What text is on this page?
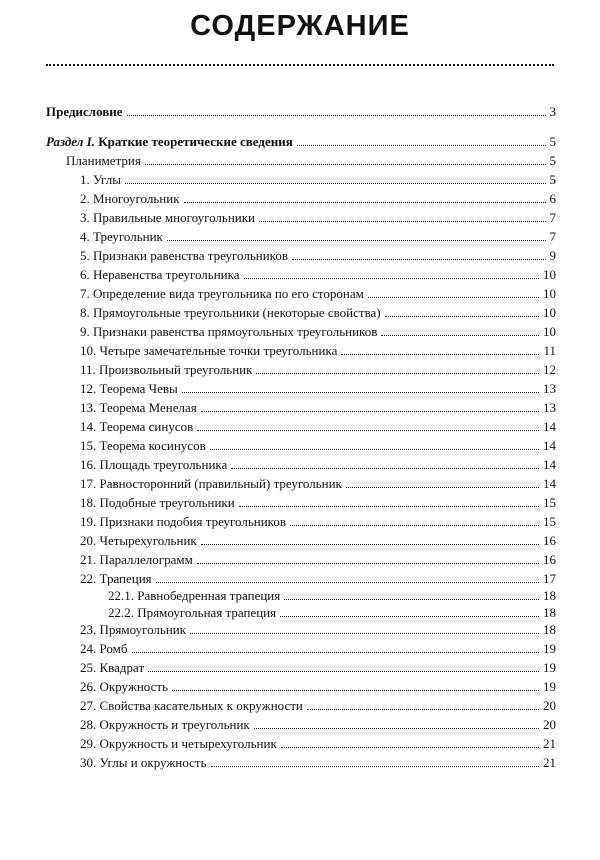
СОДЕРЖАНИЕ
Предисловие	3
Раздел I. Краткие теоретические сведения	5
Планиметрия	5
1. Углы	5
2. Многоугольник	6
3. Правильные многоугольники	7
4. Треугольник	7
5. Признаки равенства треугольников	9
6. Неравенства треугольника	10
7. Определение вида треугольника по его сторонам	10
8. Прямоугольные треугольники (некоторые свойства)	10
9. Признаки равенства прямоугольных треугольников	10
10. Четыре замечательные точки треугольника	11
11. Произвольный треугольник	12
12. Теорема Чевы	13
13. Теорема Менелая	13
14. Теорема синусов	14
15. Теорема косинусов	14
16. Площадь треугольника	14
17. Равносторонний (правильный) треугольник	14
18. Подобные треугольники	15
19. Признаки подобия треугольников	15
20. Четырехугольник	16
21. Параллелограмм	16
22. Трапеция	17
22.1. Равнобедренная трапеция	18
22.2. Прямоугольная трапеция	18
23. Прямоугольник	18
24. Ромб	19
25. Квадрат	19
26. Окружность	19
27. Свойства касательных к окружности	20
28. Окружность и треугольник	20
29. Окружность и четырехугольник	21
30. Углы и окружность	21
